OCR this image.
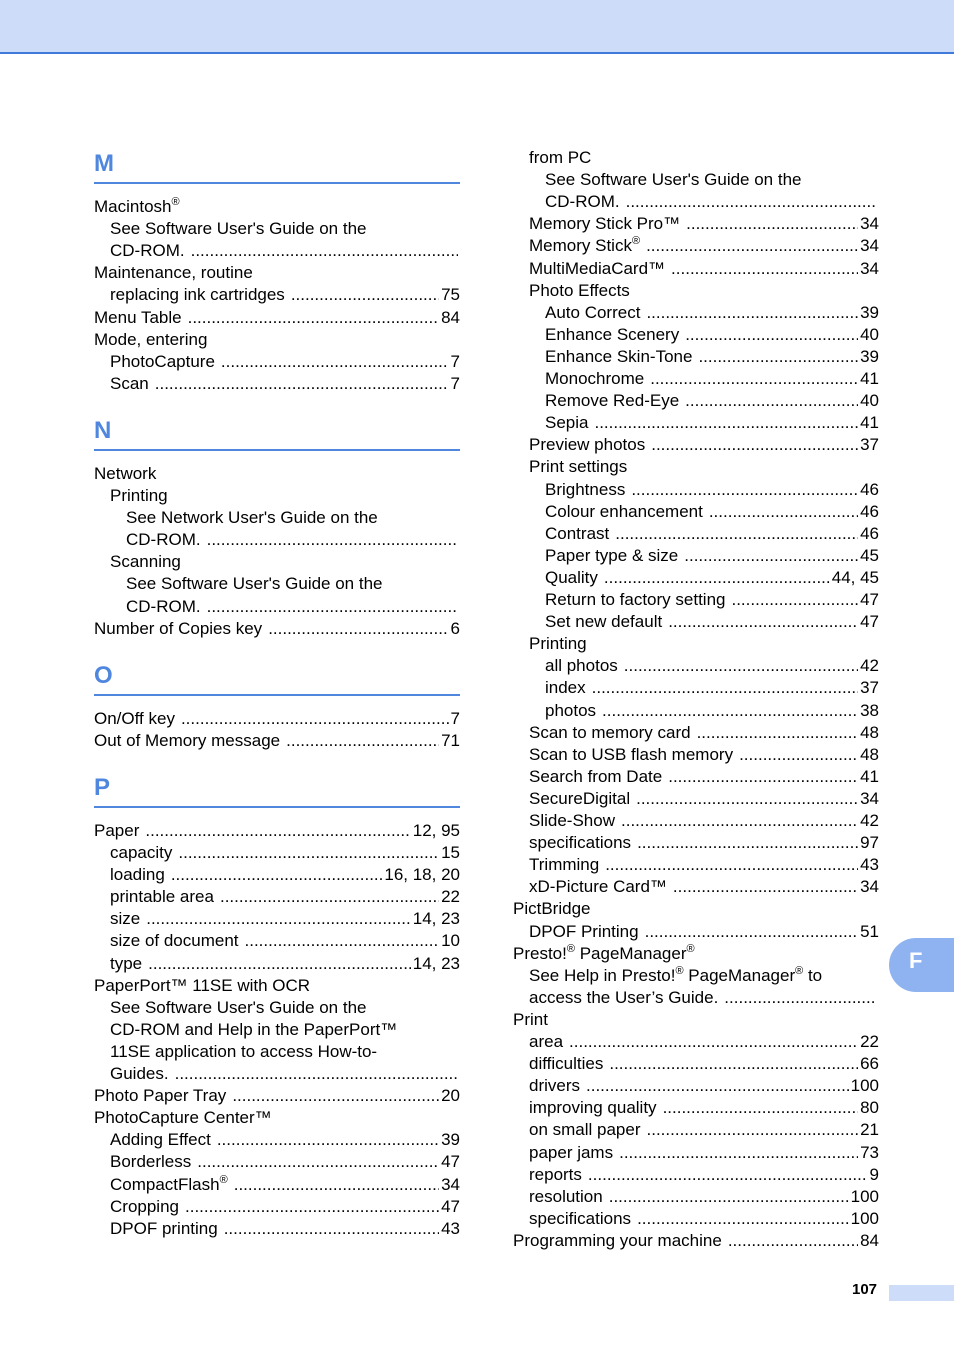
M
Macintosh®
See Software User's Guide on the
CD-ROM.
.....
Maintenance, routine
replacing ink cartridges .....	75
Menu Table .....	84
Mode, entering
PhotoCapture .....	7
Scan .....	7
N
Network
Printing
See Network User's Guide on the
CD-ROM.
.....
Scanning
See Software User's Guide on the
CD-ROM.
.....
Number of Copies key .....	6
O
On/Off key .....	7
Out of Memory message .....	71
P
Paper .....	12, 95
capacity .....	15
loading .....	16, 18, 20
printable area .....	22
size .....	14, 23
size of document .....	10
type .....	14, 23
PaperPort™ 11SE with OCR
See Software User's Guide on the
CD-ROM and Help in the PaperPort™
11SE application to access How-to-
Guides.
.....
Photo Paper Tray .....	20
PhotoCapture Center™
Adding Effect .....	39
Borderless .....	47
CompactFlash® .....	34
Cropping .....	47
DPOF printing .....	43
from PC
See Software User's Guide on the
CD-ROM.
.....
Memory Stick Pro™ .....	34
Memory Stick® .....	34
MultiMediaCard™ .....	34
Photo Effects
Auto Correct .....	39
Enhance Scenery .....	40
Enhance Skin-Tone .....	39
Monochrome .....	41
Remove Red-Eye .....	40
Sepia .....	41
Preview photos .....	37
Print settings
Brightness .....	46
Colour enhancement .....	46
Contrast .....	46
Paper type & size .....	45
Quality .....	44, 45
Return to factory setting .....	47
Set new default .....	47
Printing
all photos .....	42
index .....	37
photos .....	38
Scan to memory card .....	48
Scan to USB flash memory .....	48
Search from Date .....	41
SecureDigital .....	34
Slide-Show .....	42
specifications .....	97
Trimming .....	43
xD-Picture Card™ .....	34
PictBridge
DPOF Printing .....	51
Presto!® PageManager®
See Help in Presto!® PageManager® to
access the User’s Guide.
.....
Print
area .....	22
difficulties .....	66
drivers .....	100
improving quality .....	80
on small paper .....	21
paper jams .....	73
reports .....	9
resolution .....	100
specifications .....	100
Programming your machine .....	84
F
107
